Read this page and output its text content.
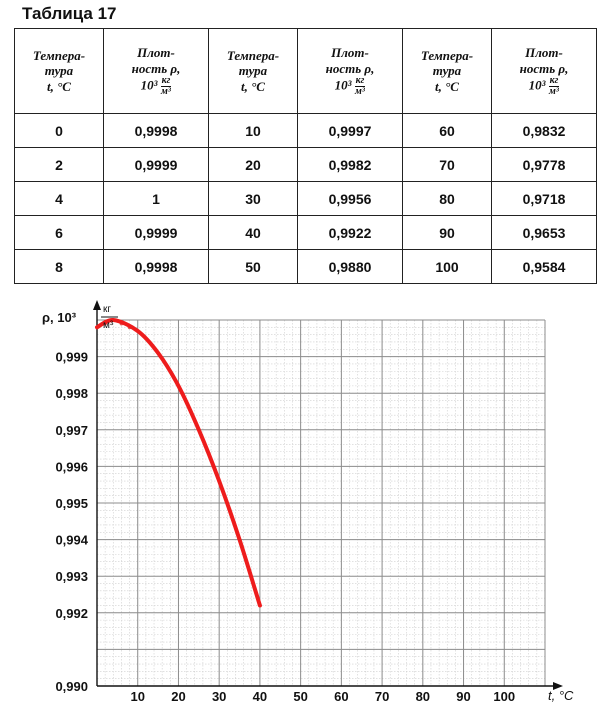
Таблица 17
Темпера-
тура
t, °C	Плот-
ность ρ,
10³ кг
м³	Темпера-
тура
t, °C	Плот-
ность ρ,
10³ кг
м³	Темпера-
тура
t, °C	Плот-
ность ρ,
10³ кг
м³

0	0,9998	10	0,9997	60	0,9832
2	0,9999	20	0,9982	70	0,9778
4	1	30	0,9956	80	0,9718
6	0,9999	40	0,9922	90	0,9653
8	0,9998	50	0,9880	100	0,9584
10 20 30 40 50 60 70 80 90 100
0,990
0,992
0,993
0,994
0,995
0,996
0,997
0,998
0,999
ρ, 10³
кг
м³
t, °C
